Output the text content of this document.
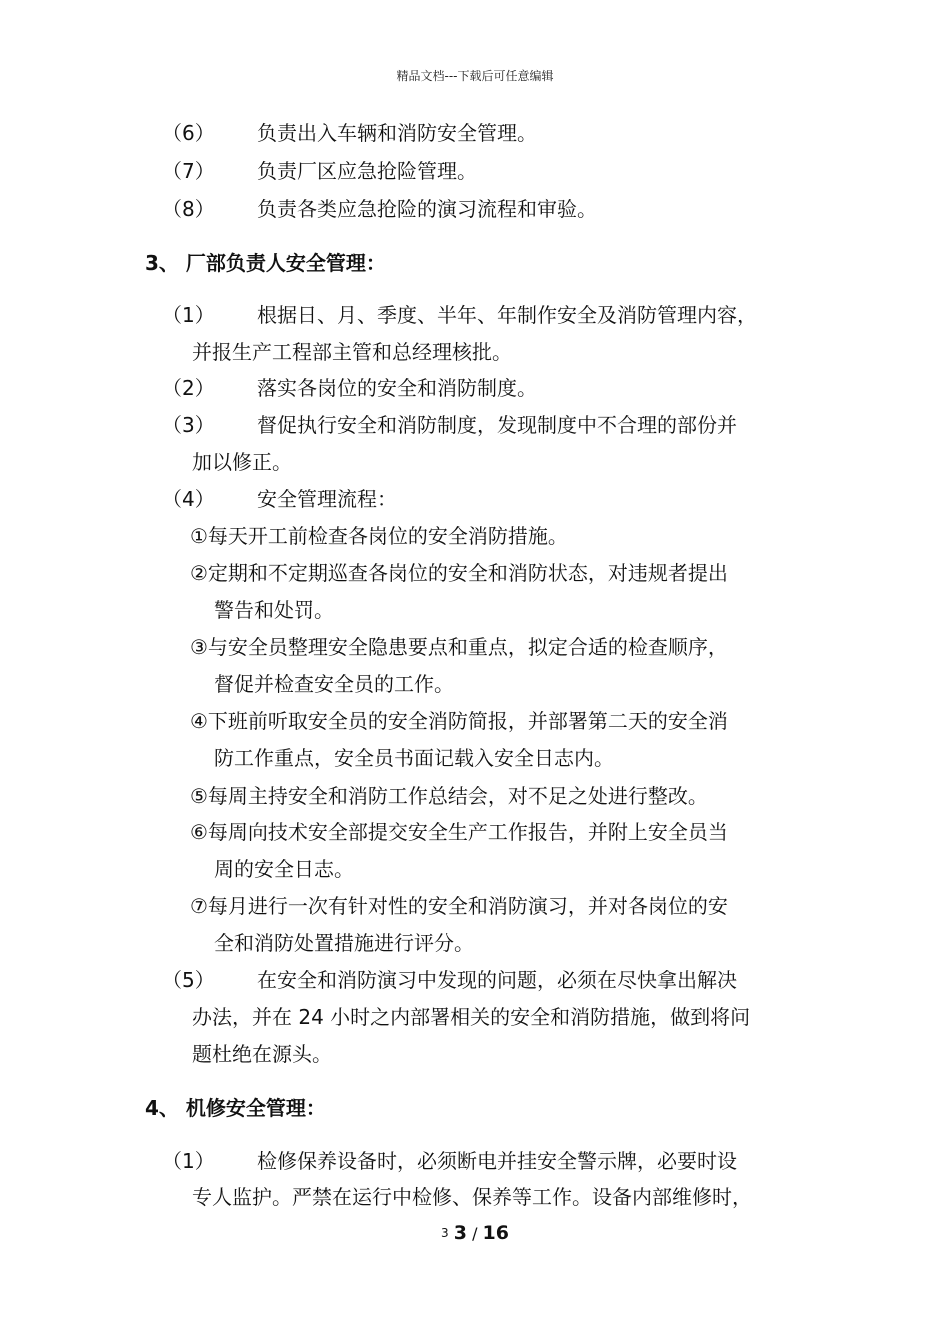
精品文档---下载后可任意编辑
（6） 负责出入车辆和消防安全管理。
（7） 负责厂区应急抢险管理。
（8） 负责各类应急抢险的演习流程和审验。
3、 厂部负责人安全管理：
（1） 根据日、月、季度、半年、年制作安全及消防管理内容，
并报生产工程部主管和总经理核批。
（2） 落实各岗位的安全和消防制度。
（3） 督促执行安全和消防制度，发现制度中不合理的部份并
加以修正。
（4） 安全管理流程：
①每天开工前检查各岗位的安全消防措施。
②定期和不定期巡查各岗位的安全和消防状态，对违规者提出
警告和处罚。
③与安全员整理安全隐患要点和重点，拟定合适的检查顺序，
督促并检查安全员的工作。
④下班前听取安全员的安全消防简报，并部署第二天的安全消
防工作重点，安全员书面记载入安全日志内。
⑤每周主持安全和消防工作总结会，对不足之处进行整改。
⑥每周向技术安全部提交安全生产工作报告，并附上安全员当
周的安全日志。
⑦每月进行一次有针对性的安全和消防演习，并对各岗位的安
全和消防处置措施进行评分。
（5） 在安全和消防演习中发现的问题，必须在尽快拿出解决
办法，并在 24 小时之内部署相关的安全和消防措施，做到将问
题杜绝在源头。
4、 机修安全管理：
（1） 检修保养设备时，必须断电并挂安全警示牌，必要时设
专人监护。严禁在运行中检修、保养等工作。设备内部维修时，
3 3 / 16
